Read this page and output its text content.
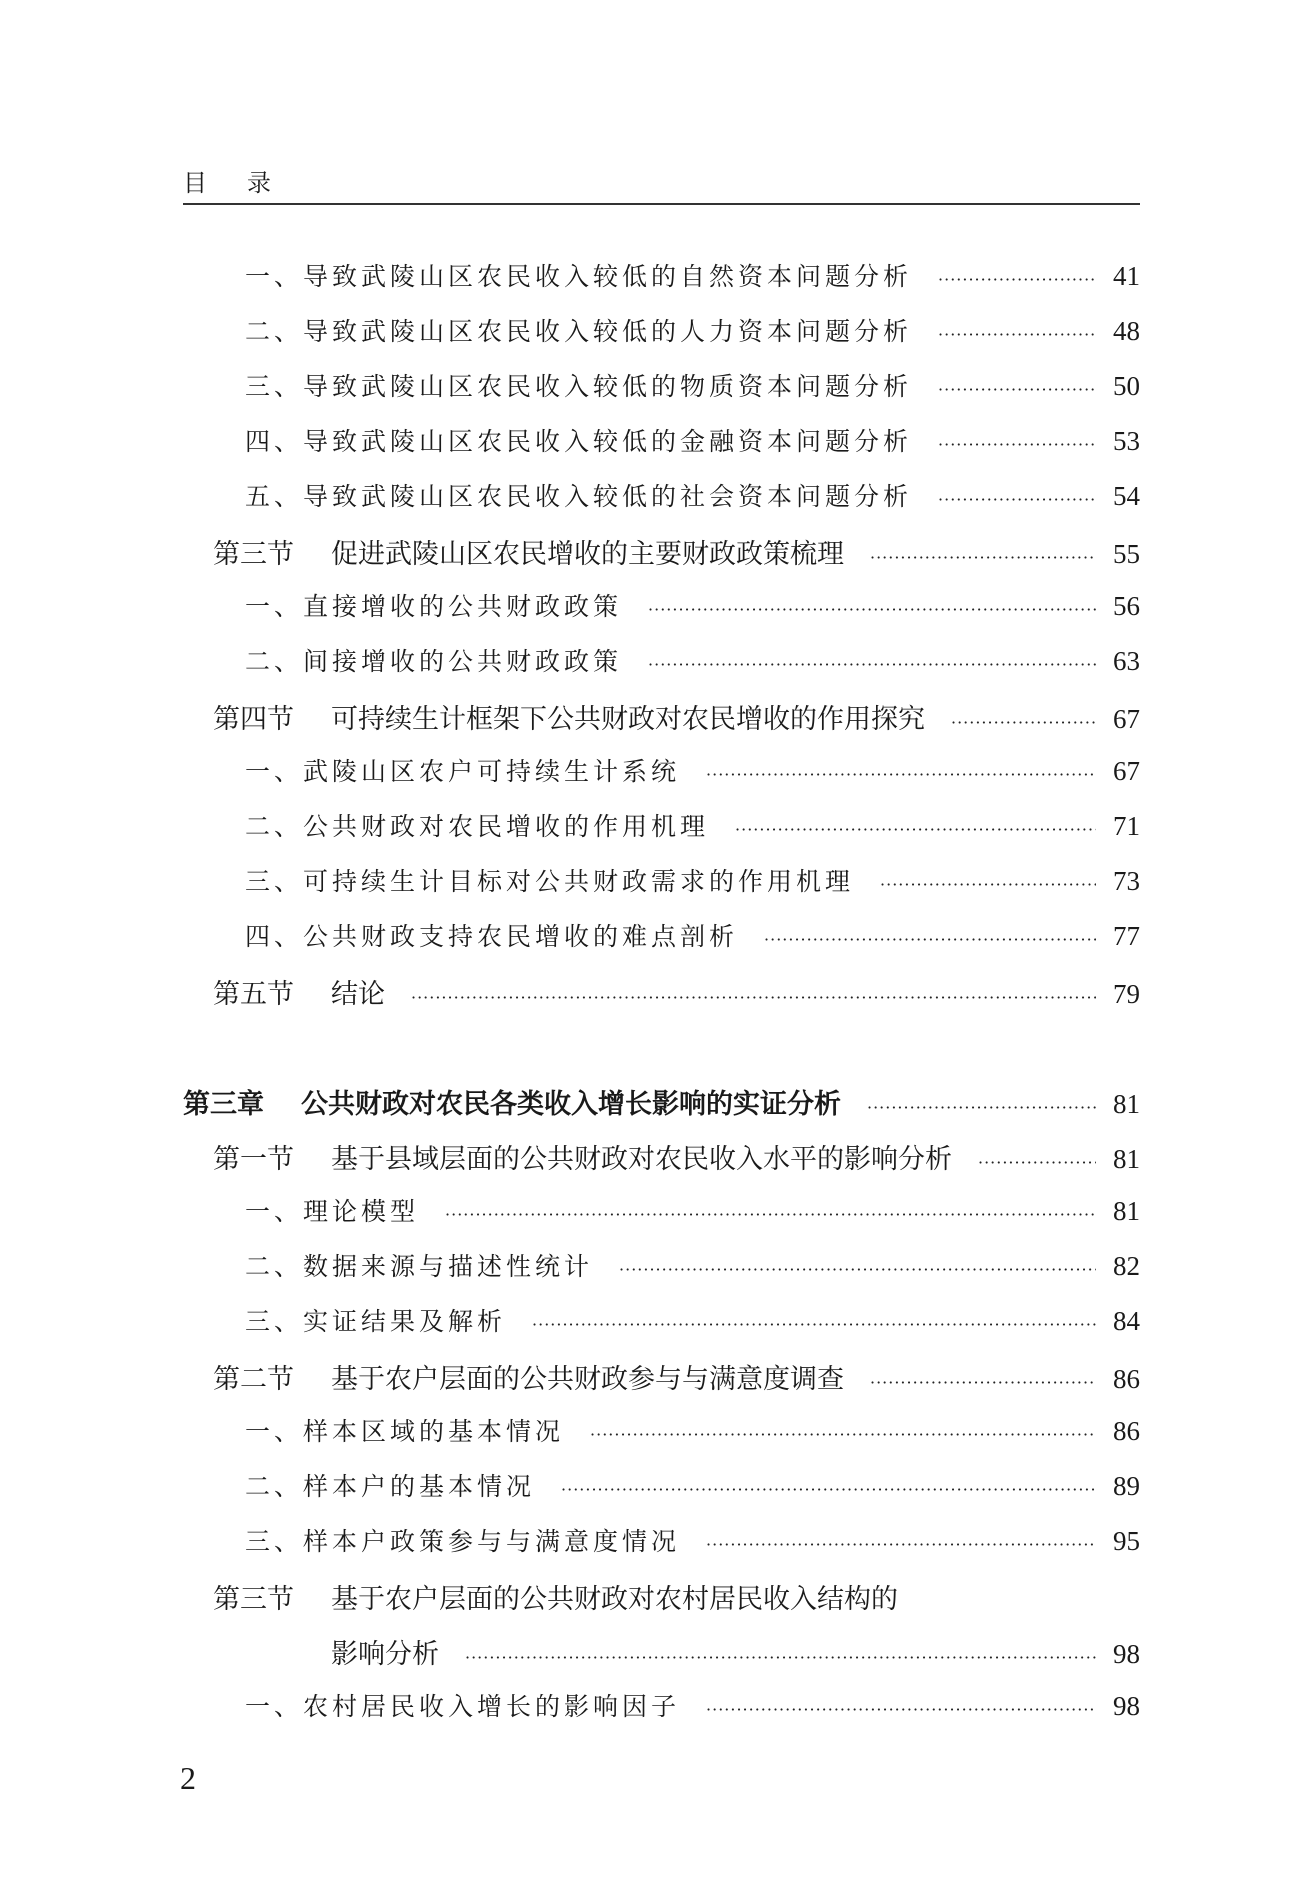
目 录
一、导致武陵山区农民收入较低的自然资本问题分析 ·····	41
二、导致武陵山区农民收入较低的人力资本问题分析 ·····	48
三、导致武陵山区农民收入较低的物质资本问题分析 ·····	50
四、导致武陵山区农民收入较低的金融资本问题分析 ·····	53
五、导致武陵山区农民收入较低的社会资本问题分析 ·····	54
第三节 促进武陵山区农民增收的主要财政政策梳理 ·····	55
一、直接增收的公共财政政策 ·····	56
二、间接增收的公共财政政策 ·····	63
第四节 可持续生计框架下公共财政对农民增收的作用探究 ·····	67
一、武陵山区农户可持续生计系统 ·····	67
二、公共财政对农民增收的作用机理 ·····	71
三、可持续生计目标对公共财政需求的作用机理 ·····	73
四、公共财政支持农民增收的难点剖析 ·····	77
第五节 结论 ·····	79
第三章 公共财政对农民各类收入增长影响的实证分析 ·····	81
第一节 基于县域层面的公共财政对农民收入水平的影响分析 ·····	81
一、理论模型 ·····	81
二、数据来源与描述性统计 ·····	82
三、实证结果及解析 ·····	84
第二节 基于农户层面的公共财政参与与满意度调查 ·····	86
一、样本区域的基本情况 ·····	86
二、样本户的基本情况 ·····	89
三、样本户政策参与与满意度情况 ·····	95
第三节 基于农户层面的公共财政对农村居民收入结构的
影响分析 ·····	98
一、农村居民收入增长的影响因子 ·····	98
2
